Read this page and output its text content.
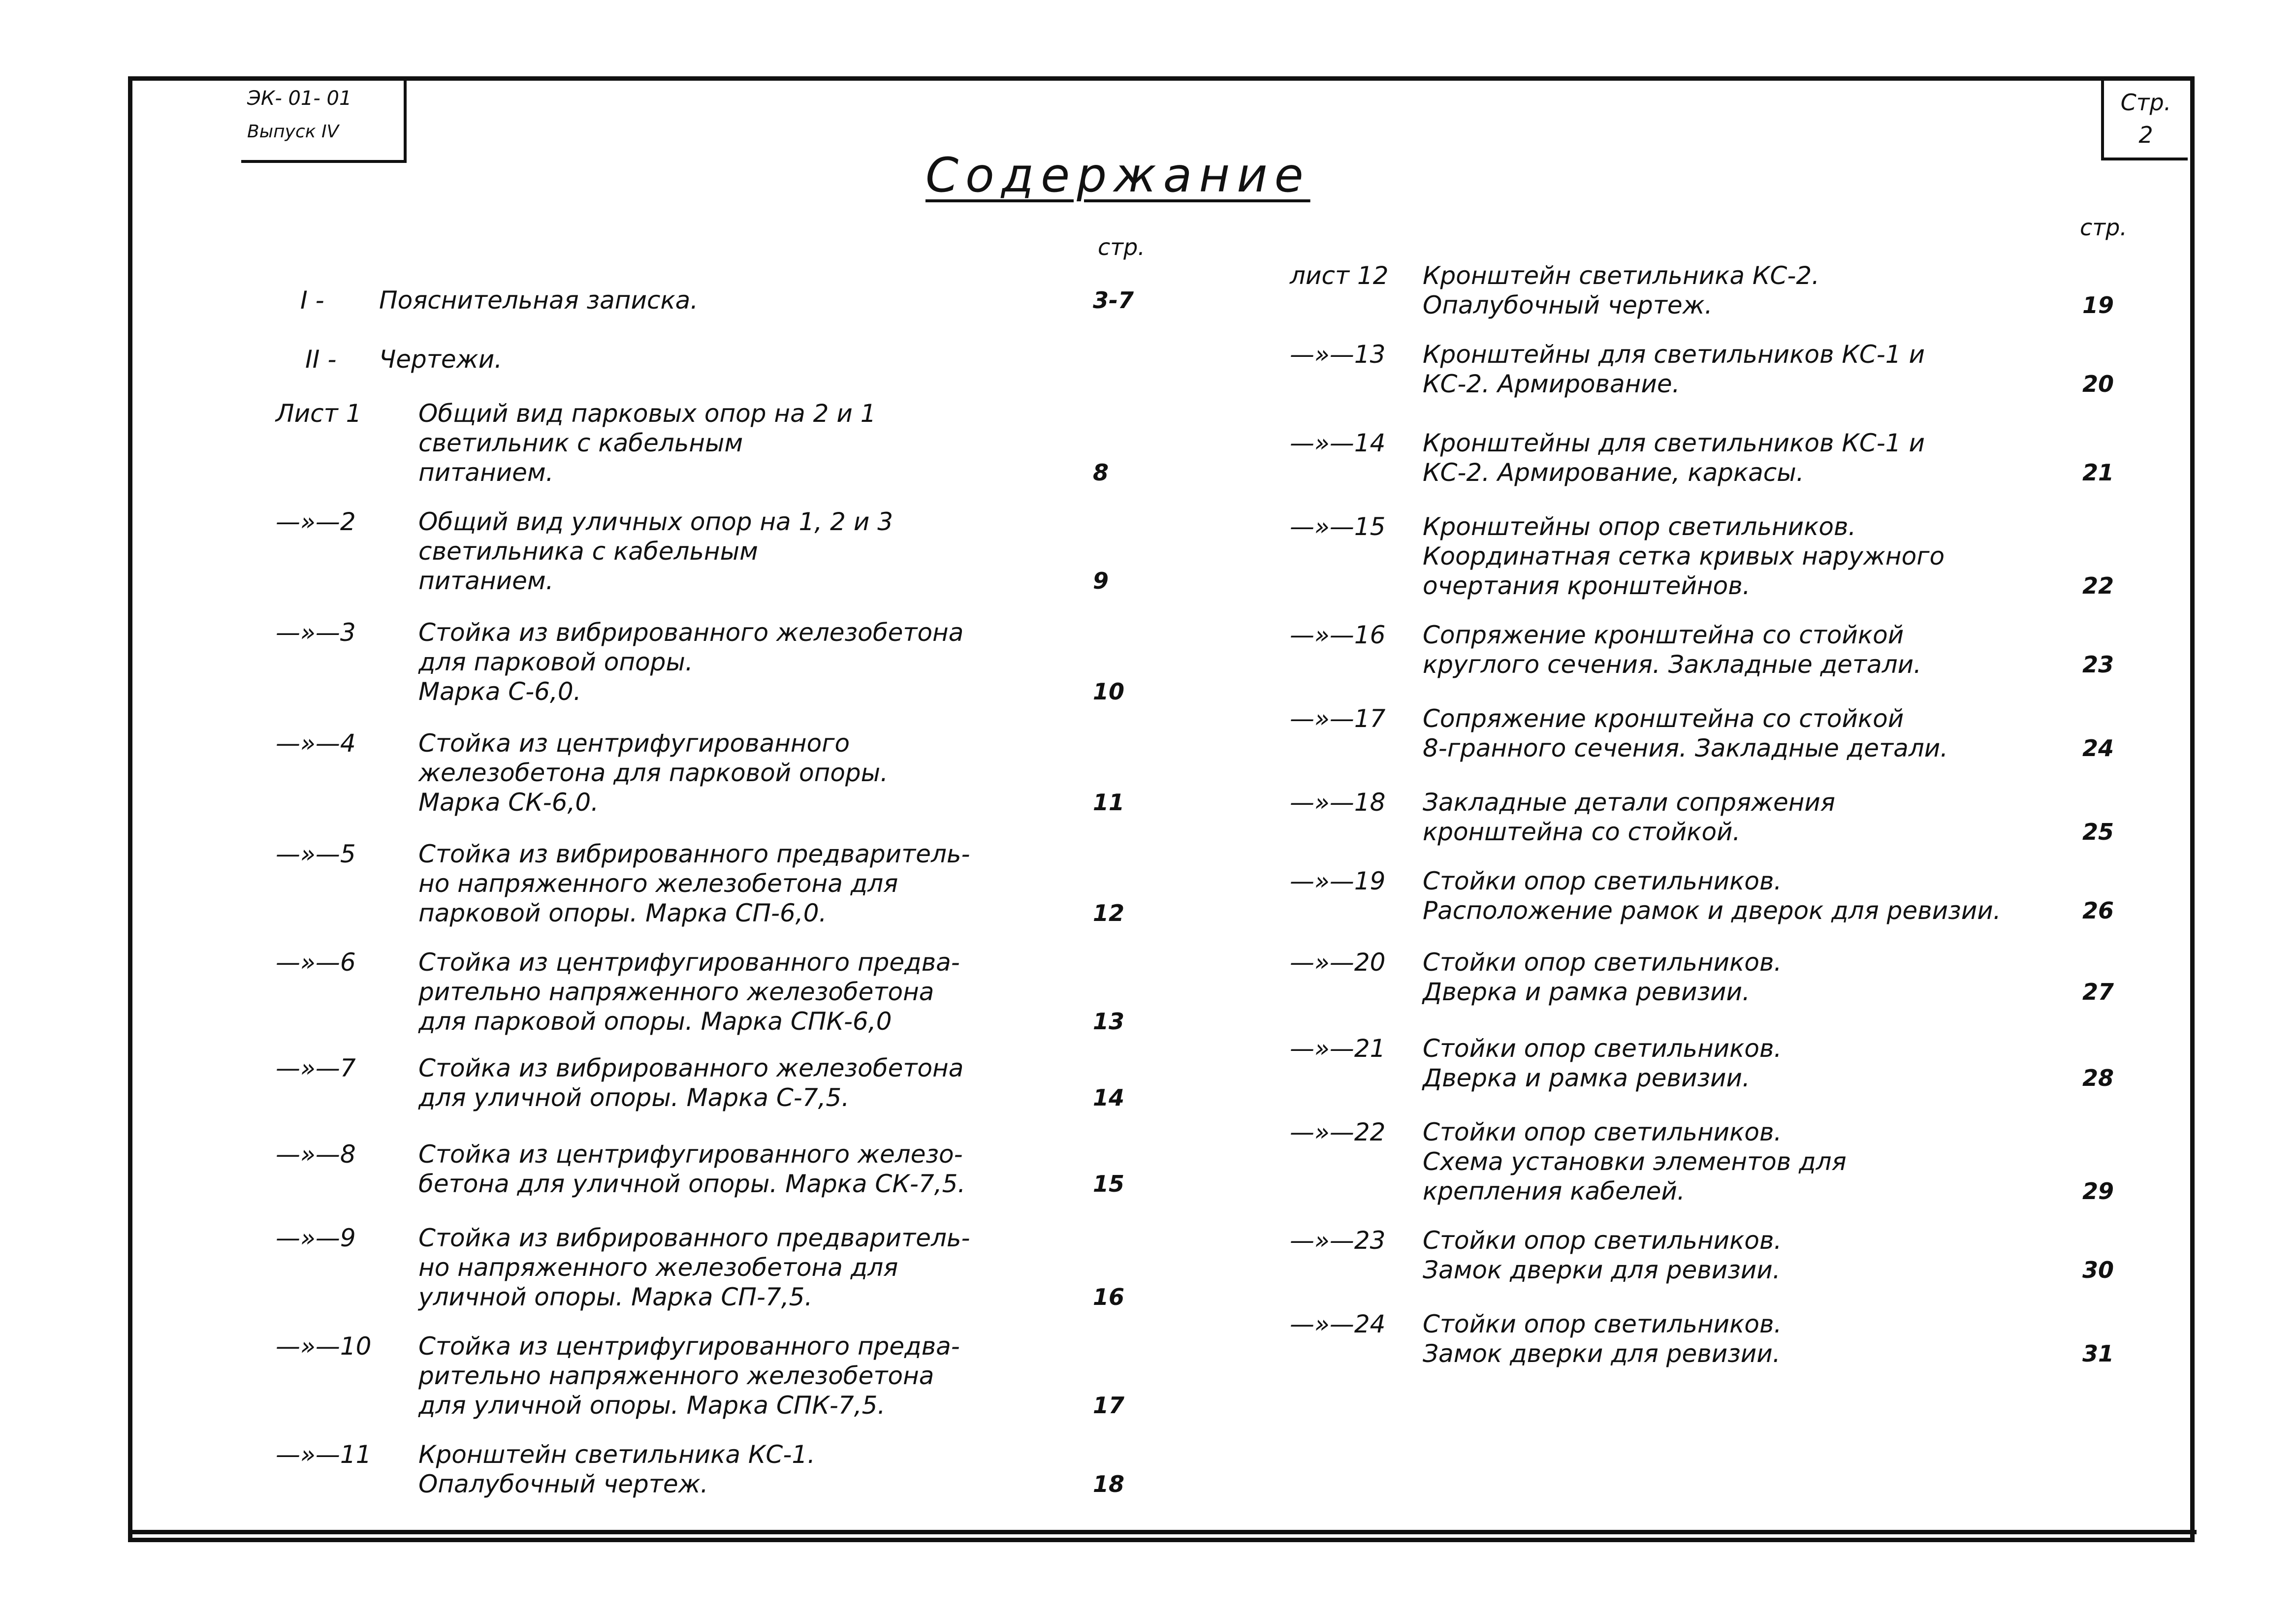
ЭК- 01- 01
Выпуск IV
Стр.
2
Содержание
стр.
стр.
I - Пояснительная записка.	3-7
II - Чертежи.
Лист 1 Общий вид парковых опор на 2 и 1
светильник с кабельным
питанием.	8
—»—2	Общий вид уличных опор на 1, 2 и 3
светильника с кабельным
питанием.	9
—»—3	Стойка из вибрированного железобетона
для парковой опоры.
Марка С-6,0.	10
—»—4	Стойка из центрифугированного
железобетона для парковой опоры.
Марка СК-6,0.	11
—»—5	Стойка из вибрированного предваритель-
но напряженного железобетона для
парковой опоры. Марка СП-6,0.	12
—»—6	Стойка из центрифугированного предва-
рительно напряженного железобетона
для парковой опоры. Марка СПК-6,0	13
—»—7	Стойка из вибрированного железобетона
для уличной опоры. Марка С-7,5.	14
—»—8	Стойка из центрифугированного железо-
бетона для уличной опоры. Марка СК-7,5.	15
—»—9	Стойка из вибрированного предваритель-
но напряженного железобетона для
уличной опоры. Марка СП-7,5.	16
—»—10 Стойка из центрифугированного предва-
рительно напряженного железобетона
для уличной опоры. Марка СПК-7,5.	17
—»—11 Кронштейн светильника КС-1.
Опалубочный чертеж.	18
лист 12 Кронштейн светильника КС-2.
Опалубочный чертеж.	19
—»—13 Кронштейны для светильников КС-1 и
КС-2. Армирование.	20
—»—14 Кронштейны для светильников КС-1 и
КС-2. Армирование, каркасы.	21
—»—15 Кронштейны опор светильников.
Координатная сетка кривых наружного
очертания кронштейнов.	22
—»—16 Сопряжение кронштейна со стойкой
круглого сечения. Закладные детали.	23
—»—17 Сопряжение кронштейна со стойкой
8-гранного сечения. Закладные детали.	24
—»—18 Закладные детали сопряжения
кронштейна со стойкой.	25
—»—19 Стойки опор светильников.
Расположение рамок и дверок для ревизии.	26
—»—20 Стойки опор светильников.
Дверка и рамка ревизии.	27
—»—21 Стойки опор светильников.
Дверка и рамка ревизии.	28
—»—22 Стойки опор светильников.
Схема установки элементов для
крепления кабелей.	29
—»—23 Стойки опор светильников.
Замок дверки для ревизии.	30
—»—24 Стойки опор светильников.
Замок дверки для ревизии.	31
